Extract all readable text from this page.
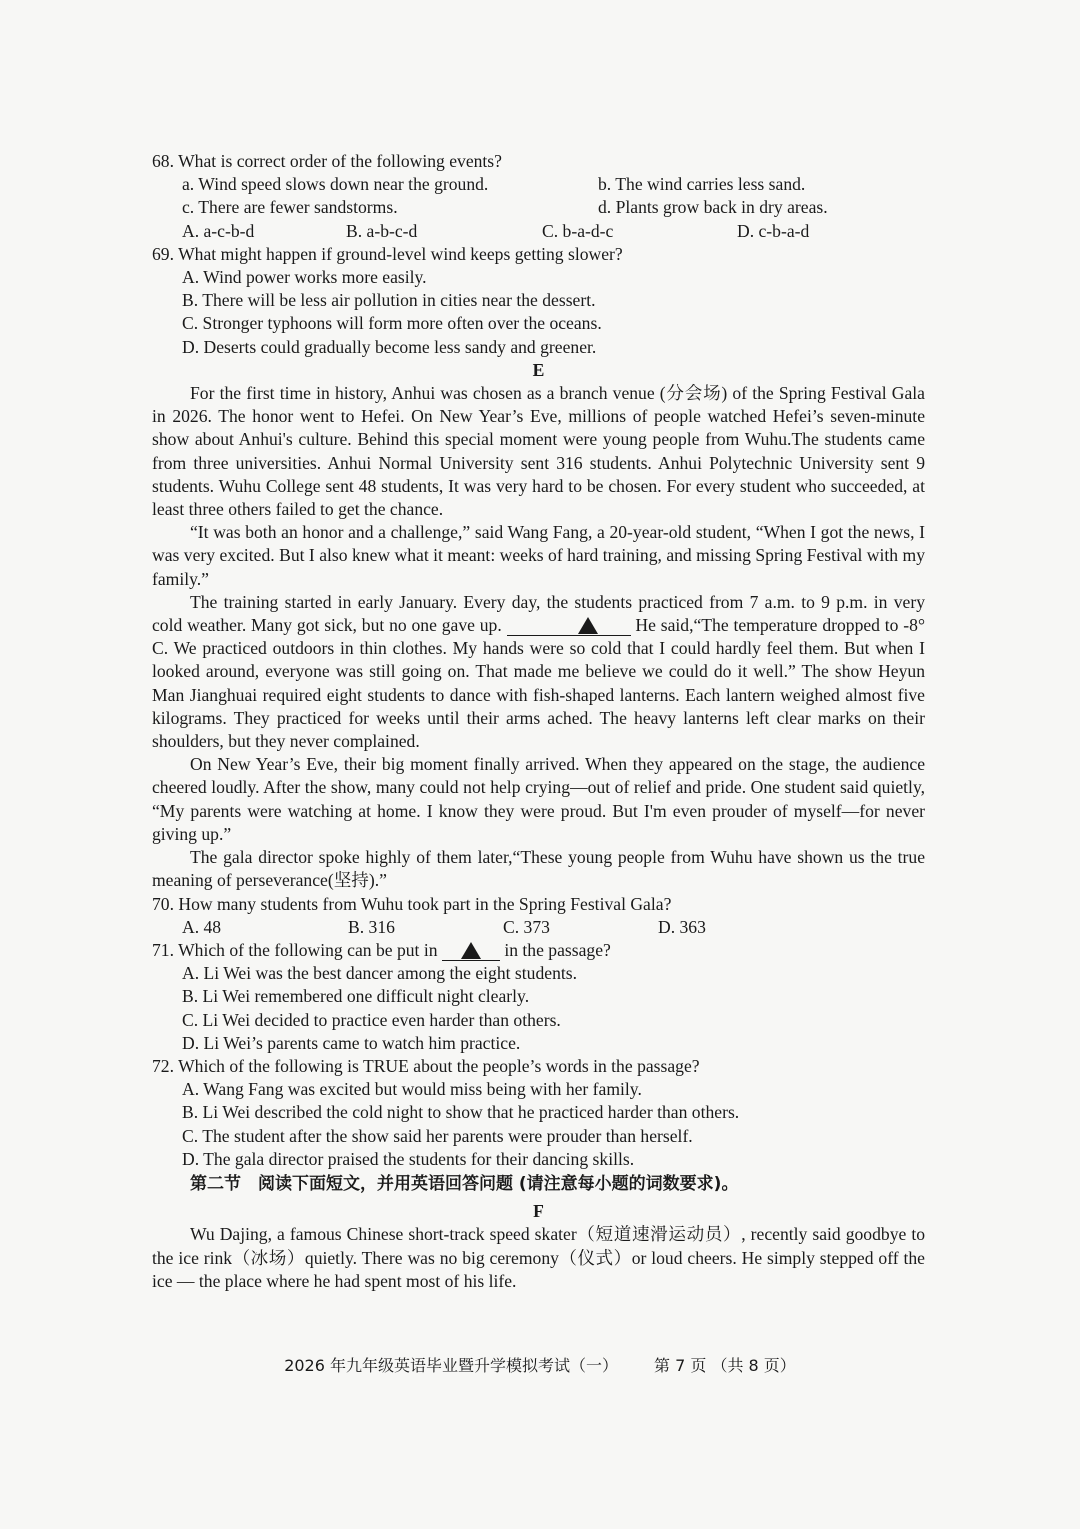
68. What is correct order of the following events?
a. Wind speed slows down near the ground.	b. The wind carries less sand.
c. There are fewer sandstorms.	d. Plants grow back in dry areas.
A. a-c-b-d	B. a-b-c-d	C. b-a-d-c	D. c-b-a-d
69. What might happen if ground-level wind keeps getting slower?
A. Wind power works more easily.
B. There will be less air pollution in cities near the dessert.
C. Stronger typhoons will form more often over the oceans.
D. Deserts could gradually become less sandy and greener.
E

For the first time in history, Anhui was chosen as a branch venue (分会场) of the Spring Festival Gala in 2026. The honor went to Hefei. On New Year’s Eve, millions of people watched Hefei’s seven-minute show about Anhui's culture. Behind this special moment were young people from Wuhu.The students came from three universities. Anhui Normal University sent 316 students. Anhui Polytechnic University sent 9 students. Wuhu College sent 48 students, It was very hard to be chosen. For every student who succeeded, at least three others failed to get the chance.

“It was both an honor and a challenge,” said Wang Fang, a 20-year-old student, “When I got the news, I was very excited. But I also knew what it meant: weeks of hard training, and missing Spring Festival with my family.”

The training started in early January. Every day, the students practiced from 7 a.m. to 9 p.m. in very cold weather. Many got sick, but no one gave up.	He said,“The temperature dropped to -8° C. We practiced outdoors in thin clothes. My hands were so cold that I could hardly feel them. But when I looked around, everyone was still going on. That made me believe we could do it well.” The show Heyun Man Jianghuai required eight students to dance with fish-shaped lanterns. Each lantern weighed almost five kilograms. They practiced for weeks until their arms ached. The heavy lanterns left clear marks on their shoulders, but they never complained.

On New Year’s Eve, their big moment finally arrived. When they appeared on the stage, the audience cheered loudly. After the show, many could not help crying—out of relief and pride. One student said quietly, “My parents were watching at home. I know they were proud. But I'm even prouder of myself—for never giving up.”

The gala director spoke highly of them later,“These young people from Wuhu have shown us the true meaning of perseverance(坚持).”

70. How many students from Wuhu took part in the Spring Festival Gala?
A. 48	B. 316	C. 373	D. 363
71. Which of the following can be put in	in the passage?
A. Li Wei was the best dancer among the eight students.
B. Li Wei remembered one difficult night clearly.
C. Li Wei decided to practice even harder than others.
D. Li Wei’s parents came to watch him practice.
72. Which of the following is TRUE about the people’s words in the passage?
A. Wang Fang was excited but would miss being with her family.
B. Li Wei described the cold night to show that he practiced harder than others.
C. The student after the show said her parents were prouder than herself.
D. The gala director praised the students for their dancing skills.
第二节　阅读下面短文，并用英语回答问题 (请注意每小题的词数要求)。
F

Wu Dajing, a famous Chinese short-track speed skater（短道速滑运动员）, recently said goodbye to the ice rink（冰场）quietly. There was no big ceremony（仪式）or loud cheers. He simply stepped off the ice — the place where he had spent most of his life.

2026 年九年级英语毕业暨升学模拟考试（一） 第 7 页 （共 8 页）
